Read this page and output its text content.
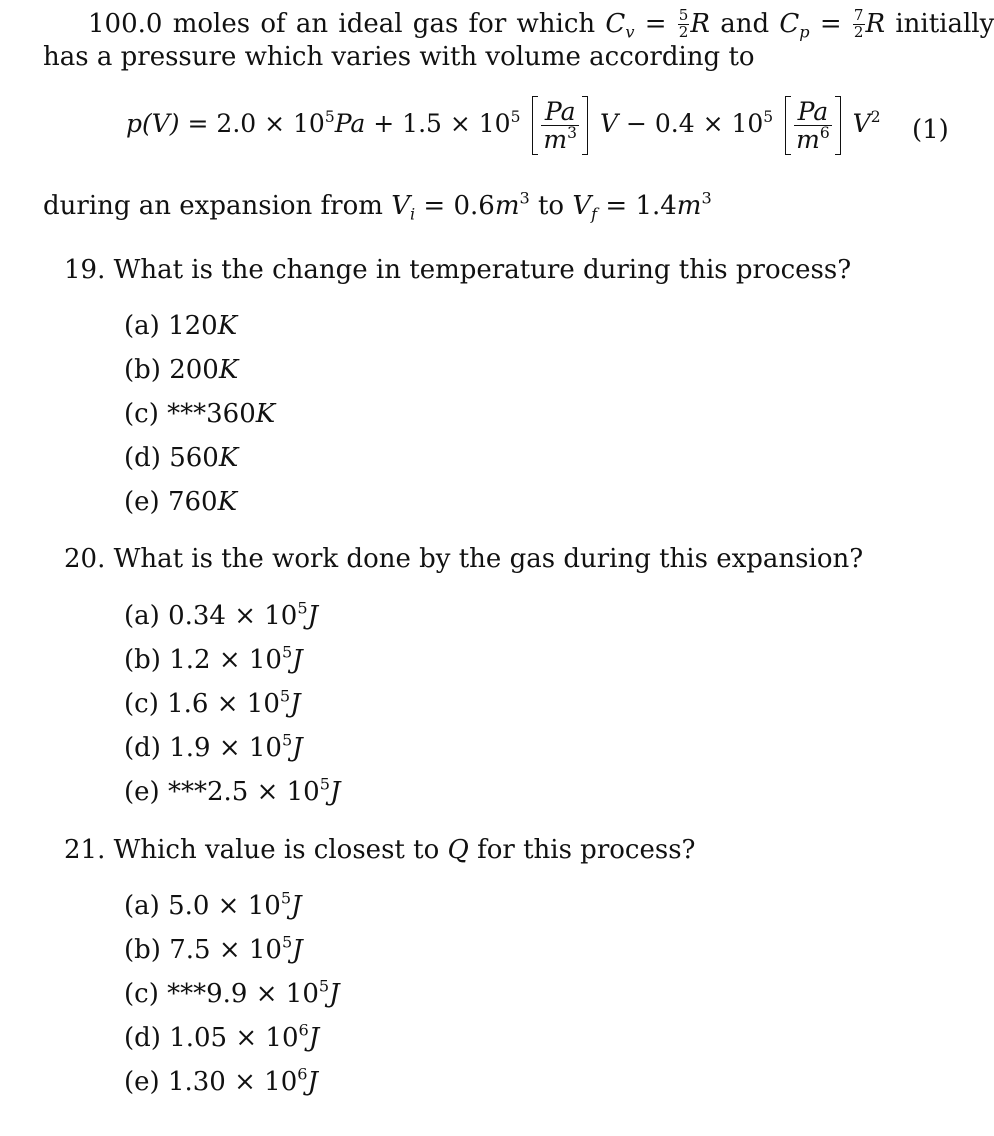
100.0 moles of an ideal gas for which $C_v = \frac{5}{2}$ R and $C_p = \frac{7}{2}$ R initially
has a pressure which varies with volume according to
$p(V) = 2.0 \times 10^5Pa + 1.5 \times 10^5 \frac{Pa}{m^3}$ $V - 0.4 \times 10^5 \frac{Pa}{m^6} V^2$ (1)
during an expansion from $V_i = 0.6m^3$ to $V_f = 1.4m^3$
19. What is the change in temperature during this process?
(a) 120K
(b) 200K
(c) ***360K
(d) 560K
(e) 760K
20. What is the work done by the gas during this expansion?
(a) $0.34 \times 10^5J$
(b) $1.2 \times 10^5J$
(c) $1.6 \times 10^5J$
(d) $1.9 \times 10^5J$
(e) $***2.5 \times 10^5J$
21. Which value is closest to Q for this process?
(a) $5.0 \times 10^5J$
(b) $7.5 \times 10^5J$
(c) $***9.9 \times 10^5J$
(d) $1.05 \times 10^6J$
(e) $1.30 \times 10^6J$
